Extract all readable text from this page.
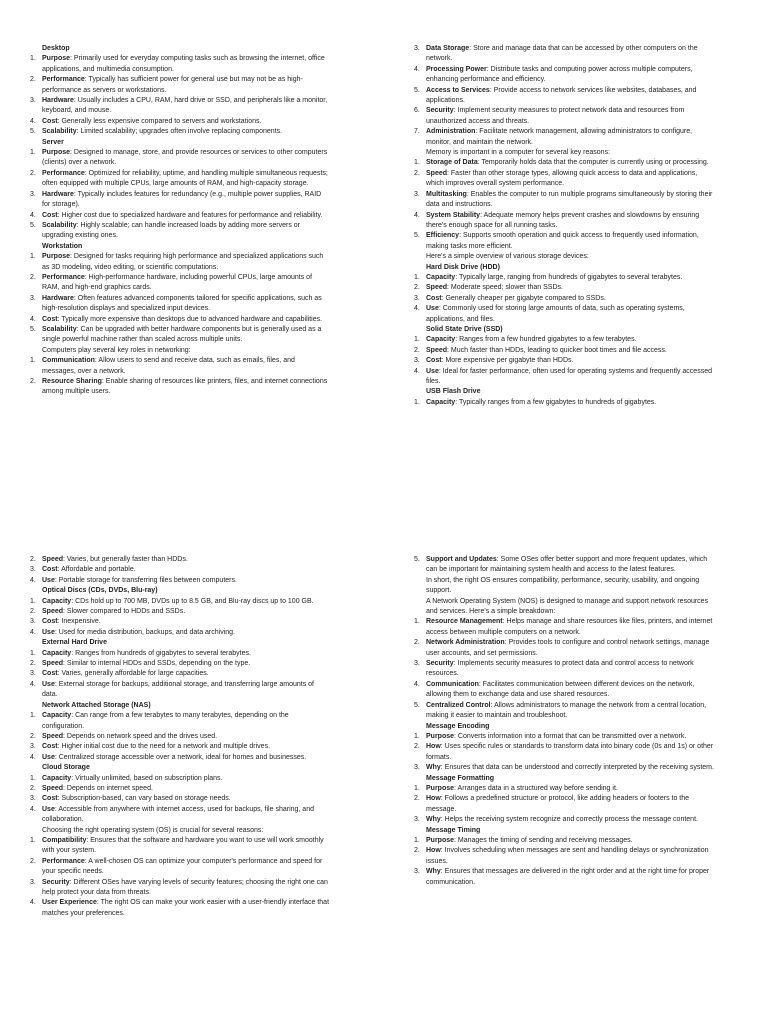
Desktop
1. Purpose: Primarily used for everyday computing tasks such as browsing the internet, office applications, and multimedia consumption.
2. Performance: Typically has sufficient power for general use but may not be as high-performance as servers or workstations.
3. Hardware: Usually includes a CPU, RAM, hard drive or SSD, and peripherals like a monitor, keyboard, and mouse.
4. Cost: Generally less expensive compared to servers and workstations.
5. Scalability: Limited scalability; upgrades often involve replacing components.
Server
1. Purpose: Designed to manage, store, and provide resources or services to other computers (clients) over a network.
2. Performance: Optimized for reliability, uptime, and handling multiple simultaneous requests; often equipped with multiple CPUs, large amounts of RAM, and high-capacity storage.
3. Hardware: Typically includes features for redundancy (e.g., multiple power supplies, RAID for storage).
4. Cost: Higher cost due to specialized hardware and features for performance and reliability.
5. Scalability: Highly scalable; can handle increased loads by adding more servers or upgrading existing ones.
Workstation
1. Purpose: Designed for tasks requiring high performance and specialized applications such as 3D modeling, video editing, or scientific computations.
2. Performance: High-performance hardware, including powerful CPUs, large amounts of RAM, and high-end graphics cards.
3. Hardware: Often features advanced components tailored for specific applications, such as high-resolution displays and specialized input devices.
4. Cost: Typically more expensive than desktops due to advanced hardware and capabilities.
5. Scalability: Can be upgraded with better hardware components but is generally used as a single powerful machine rather than scaled across multiple units.
Computers play several key roles in networking:
1. Communication: Allow users to send and receive data, such as emails, files, and messages, over a network.
2. Resource Sharing: Enable sharing of resources like printers, files, and internet connections among multiple users.
3. Data Storage: Store and manage data that can be accessed by other computers on the network.
4. Processing Power: Distribute tasks and computing power across multiple computers, enhancing performance and efficiency.
5. Access to Services: Provide access to network services like websites, databases, and applications.
6. Security: Implement security measures to protect network data and resources from unauthorized access and threats.
7. Administration: Facilitate network management, allowing administrators to configure, monitor, and maintain the network.
Memory is important in a computer for several key reasons:
1. Storage of Data: Temporarily holds data that the computer is currently using or processing.
2. Speed: Faster than other storage types, allowing quick access to data and applications, which improves overall system performance.
3. Multitasking: Enables the computer to run multiple programs simultaneously by storing their data and instructions.
4. System Stability: Adequate memory helps prevent crashes and slowdowns by ensuring there's enough space for all running tasks.
5. Efficiency: Supports smooth operation and quick access to frequently used information, making tasks more efficient.
Here's a simple overview of various storage devices:
Hard Disk Drive (HDD)
1. Capacity: Typically large, ranging from hundreds of gigabytes to several terabytes.
2. Speed: Moderate speed; slower than SSDs.
3. Cost: Generally cheaper per gigabyte compared to SSDs.
4. Use: Commonly used for storing large amounts of data, such as operating systems, applications, and files.
Solid State Drive (SSD)
1. Capacity: Ranges from a few hundred gigabytes to a few terabytes.
2. Speed: Much faster than HDDs, leading to quicker boot times and file access.
3. Cost: More expensive per gigabyte than HDDs.
4. Use: Ideal for faster performance, often used for operating systems and frequently accessed files.
USB Flash Drive
1. Capacity: Typically ranges from a few gigabytes to hundreds of gigabytes.
2. Speed: Varies, but generally faster than HDDs.
3. Cost: Affordable and portable.
4. Use: Portable storage for transferring files between computers.
Optical Discs (CDs, DVDs, Blu-ray)
1. Capacity: CDs hold up to 700 MB, DVDs up to 8.5 GB, and Blu-ray discs up to 100 GB.
2. Speed: Slower compared to HDDs and SSDs.
3. Cost: Inexpensive.
4. Use: Used for media distribution, backups, and data archiving.
External Hard Drive
1. Capacity: Ranges from hundreds of gigabytes to several terabytes.
2. Speed: Similar to internal HDDs and SSDs, depending on the type.
3. Cost: Varies, generally affordable for large capacities.
4. Use: External storage for backups, additional storage, and transferring large amounts of data.
Network Attached Storage (NAS)
1. Capacity: Can range from a few terabytes to many terabytes, depending on the configuration.
2. Speed: Depends on network speed and the drives used.
3. Cost: Higher initial cost due to the need for a network and multiple drives.
4. Use: Centralized storage accessible over a network, ideal for homes and businesses.
Cloud Storage
1. Capacity: Virtually unlimited, based on subscription plans.
2. Speed: Depends on internet speed.
3. Cost: Subscription-based, can vary based on storage needs.
4. Use: Accessible from anywhere with internet access, used for backups, file sharing, and collaboration.
Choosing the right operating system (OS) is crucial for several reasons:
1. Compatibility: Ensures that the software and hardware you want to use will work smoothly with your system.
2. Performance: A well-chosen OS can optimize your computer's performance and speed for your specific needs.
3. Security: Different OSes have varying levels of security features; choosing the right one can help protect your data from threats.
4. User Experience: The right OS can make your work easier with a user-friendly interface that matches your preferences.
5. Support and Updates: Some OSes offer better support and more frequent updates, which can be important for maintaining system health and access to the latest features.
In short, the right OS ensures compatibility, performance, security, usability, and ongoing support.
A Network Operating System (NOS) is designed to manage and support network resources and services. Here's a simple breakdown:
1. Resource Management: Helps manage and share resources like files, printers, and internet access between multiple computers on a network.
2. Network Administration: Provides tools to configure and control network settings, manage user accounts, and set permissions.
3. Security: Implements security measures to protect data and control access to network resources.
4. Communication: Facilitates communication between different devices on the network, allowing them to exchange data and use shared resources.
5. Centralized Control: Allows administrators to manage the network from a central location, making it easier to maintain and troubleshoot.
Message Encoding
1. Purpose: Converts information into a format that can be transmitted over a network.
2. How: Uses specific rules or standards to transform data into binary code (0s and 1s) or other formats.
3. Why: Ensures that data can be understood and correctly interpreted by the receiving system.
Message Formatting
1. Purpose: Arranges data in a structured way before sending it.
2. How: Follows a predefined structure or protocol, like adding headers or footers to the message.
3. Why: Helps the receiving system recognize and correctly process the message content.
Message Timing
1. Purpose: Manages the timing of sending and receiving messages.
2. How: Involves scheduling when messages are sent and handling delays or synchronization issues.
3. Why: Ensures that messages are delivered in the right order and at the right time for proper communication.
